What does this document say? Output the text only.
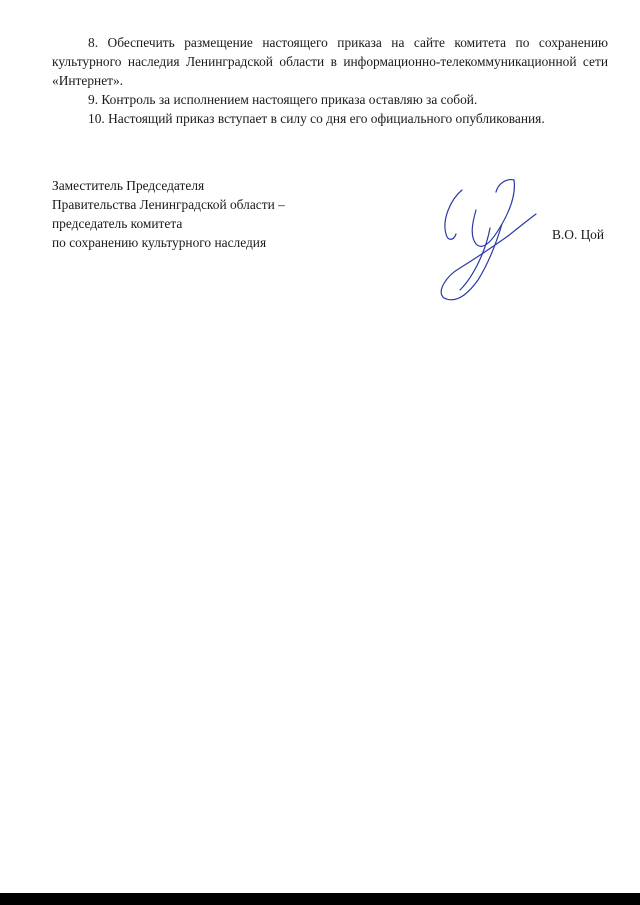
8. Обеспечить размещение настоящего приказа на сайте комитета по сохранению культурного наследия Ленинградской области в информационно-телекоммуникационной сети «Интернет».

9. Контроль за исполнением настоящего приказа оставляю за собой.

10. Настоящий приказ вступает в силу со дня его официального опубликования.

Заместитель Председателя
Правительства Ленинградской области –
председатель комитета
по сохранению культурного наследия
В.О. Цой
